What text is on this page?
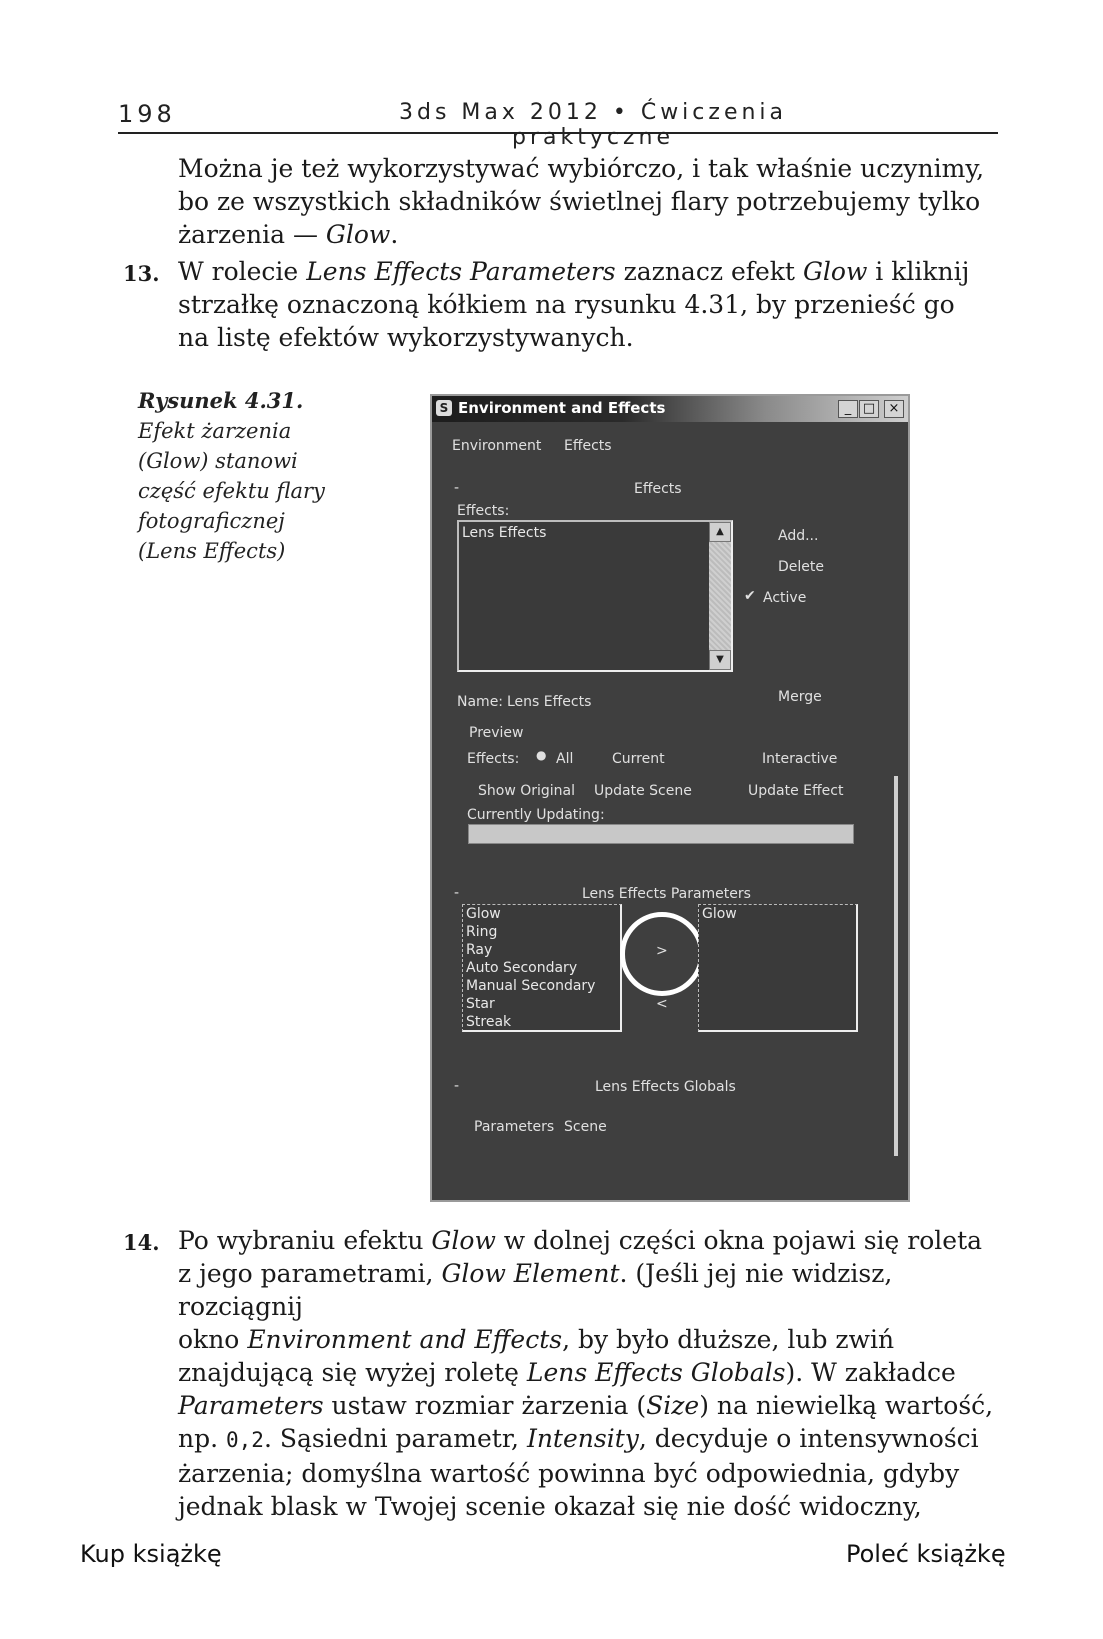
198	3ds Max 2012 • Ćwiczenia praktyczne
Można je też wykorzystywać wybiórczo, i tak właśnie uczynimy,
bo ze wszystkich składników świetlnej flary potrzebujemy tylko
żarzenia — Glow.
13. W rolecie Lens Effects Parameters zaznacz efekt Glow i kliknij
strzałkę oznaczoną kółkiem na rysunku 4.31, by przenieść go
na listę efektów wykorzystywanych.
Rysunek 4.31.
Efekt żarzenia
(Glow) stanowi
część efektu flary
fotograficznej
(Lens Effects)
S Environment and Effects	_ □	×
Environment Effects
-	Effects
Effects:
Lens Effects	▲
▼
Add...
Delete
✔ Active
Merge
Name: Lens Effects
Preview
Effects: ● All	Current	Interactive
Show Original Update Scene	Update Effect
Currently Updating:
-	Lens Effects Parameters
Glow
Ring
Ray
Auto Secondary
Manual Secondary
Star
Streak
>
<
Glow
-	Lens Effects Globals
Parameters Scene
14. Po wybraniu efektu Glow w dolnej części okna pojawi się roleta
z jego parametrami, Glow Element. (Jeśli jej nie widzisz, rozciągnij
okno Environment and Effects, by było dłuższe, lub zwiń
znajdującą się wyżej roletę Lens Effects Globals). W zakładce
Parameters ustaw rozmiar żarzenia (Size) na niewielką wartość,
np. 0,2. Sąsiedni parametr, Intensity, decyduje o intensywności
żarzenia; domyślna wartość powinna być odpowiednia, gdyby
jednak blask w Twojej scenie okazał się nie dość widoczny,
Kup książkę	Poleć książkę
